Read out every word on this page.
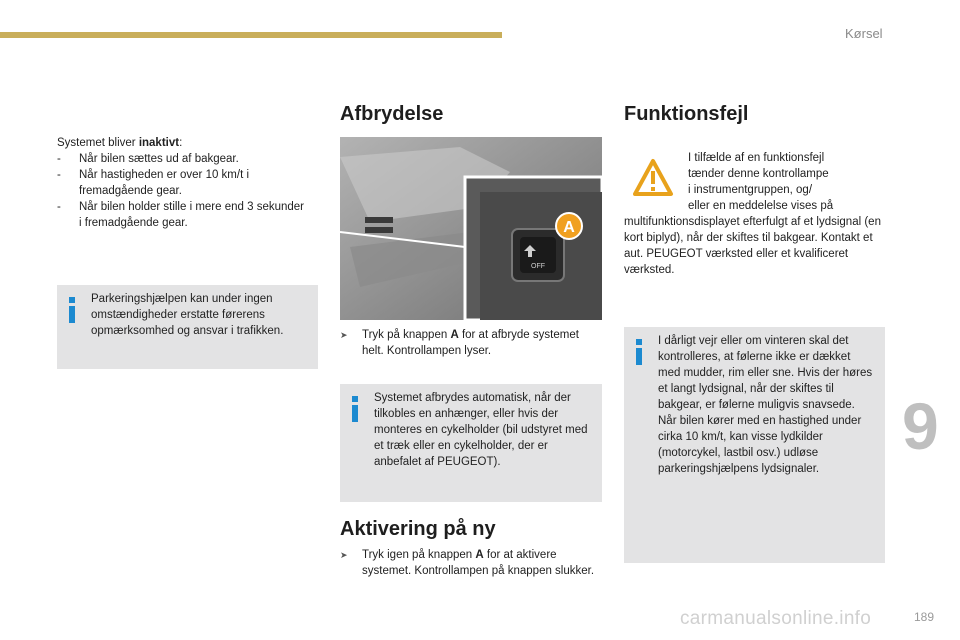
Kørsel
9
189
carmanualsonline.info

Systemet bliver inaktivt:

-	Når bilen sættes ud af bakgear.
-	Når hastigheden er over 10 km/t i fremadgående gear.
-	Når bilen holder stille i mere end 3 sekunder i fremadgående gear.
Parkeringshjælpen kan under ingen omstændigheder erstatte førerens opmærksomhed og ansvar i trafikken.
Afbrydelse
A
OFF
➤	Tryk på knappen A for at afbryde systemet helt. Kontrollampen lyser.
Systemet afbrydes automatisk, når der tilkobles en anhænger, eller hvis der monteres en cykelholder (bil udstyret med et træk eller en cykelholder, der er anbefalet af PEUGEOT).
Aktivering på ny
➤	Tryk igen på knappen A for at aktivere systemet. Kontrollampen på knappen slukker.
Funktionsfejl

I tilfælde af en funktionsfejl

tænder denne kontrollampe

i instrumentgruppen, og/

eller en meddelelse vises på

multifunktionsdisplayet efterfulgt af et lydsignal (en kort biplyd), når der skiftes til bakgear. Kontakt et aut. PEUGEOT værksted eller et kvalificeret værksted.
I dårligt vejr eller om vinteren skal det kontrolleres, at følerne ikke er dækket med mudder, rim eller sne. Hvis der høres et langt lydsignal, når der skiftes til bakgear, er følerne muligvis snavsede. Når bilen kører med en hastighed under cirka 10 km/t, kan visse lydkilder (motorcykel, lastbil osv.) udløse parkeringshjælpens lydsignaler.
